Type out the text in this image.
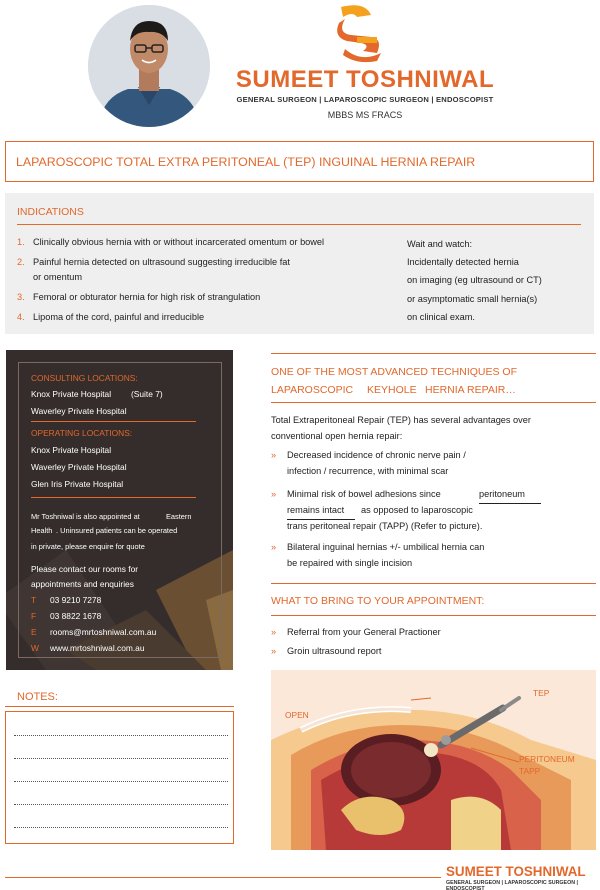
SUMEET TOSHNIWAL
GENERAL SURGEON | LAPAROSCOPIC SURGEON | ENDOSCOPIST
MBBS MS FRACS
LAPAROSCOPIC TOTAL EXTRA PERITONEAL (TEP) INGUINAL HERNIA REPAIR
INDICATIONS
1. Clinically obvious hernia with or without incarcerated omentum or bowel
2. Painful hernia detected on ultrasound suggesting irreducible fat
or omentum
3. Femoral or obturator hernia for high risk of strangulation
4. Lipoma of the cord, painful and irreducible
Wait and watch:
Incidentally detected hernia
on imaging (eg ultrasound or CT)
or asymptomatic small hernia(s)
on clinical exam.
CONSULTING LOCATIONS:
Knox Private Hospital (Suite 7)
Waverley Private Hospital
OPERATING LOCATIONS:
Knox Private Hospital
Waverley Private Hospital
Glen Iris Private Hospital
Mr Toshniwal is also appointed at	Eastern
Health . Uninsured patients can be operated
in private, please enquire for quote
Please contact our rooms for
appointments and enquiries
T 03 9210 7278
F 03 8822 1678
E rooms@mrtoshniwal.com.au
W www.mrtoshniwal.com.au
NOTES:
ONE OF THE MOST ADVANCED TECHNIQUES OF
LAPAROSCOPIC KEYHOLE HERNIA REPAIR…
Total Extraperitoneal Repair (TEP) has several advantages over
conventional open hernia repair:
»	Decreased incidence of chronic nerve pain /
infection / recurrence, with minimal scar
» Minimal risk of bowel adhesions since	peritoneum
remains intact	as opposed to laparoscopic
trans peritoneal repair (TAPP) (Refer to picture).
»	Bilateral inguinal hernias +/- umbilical hernia can
be repaired with single incision
WHAT TO BRING TO YOUR APPOINTMENT:
»	Referral from your General Practioner
»	Groin ultrasound report
OPEN
TEP
PERITONEUM
TAPP
SUMEET TOSHNIWAL
GENERAL SURGEON | LAPAROSCOPIC SURGEON | ENDOSCOPIST
